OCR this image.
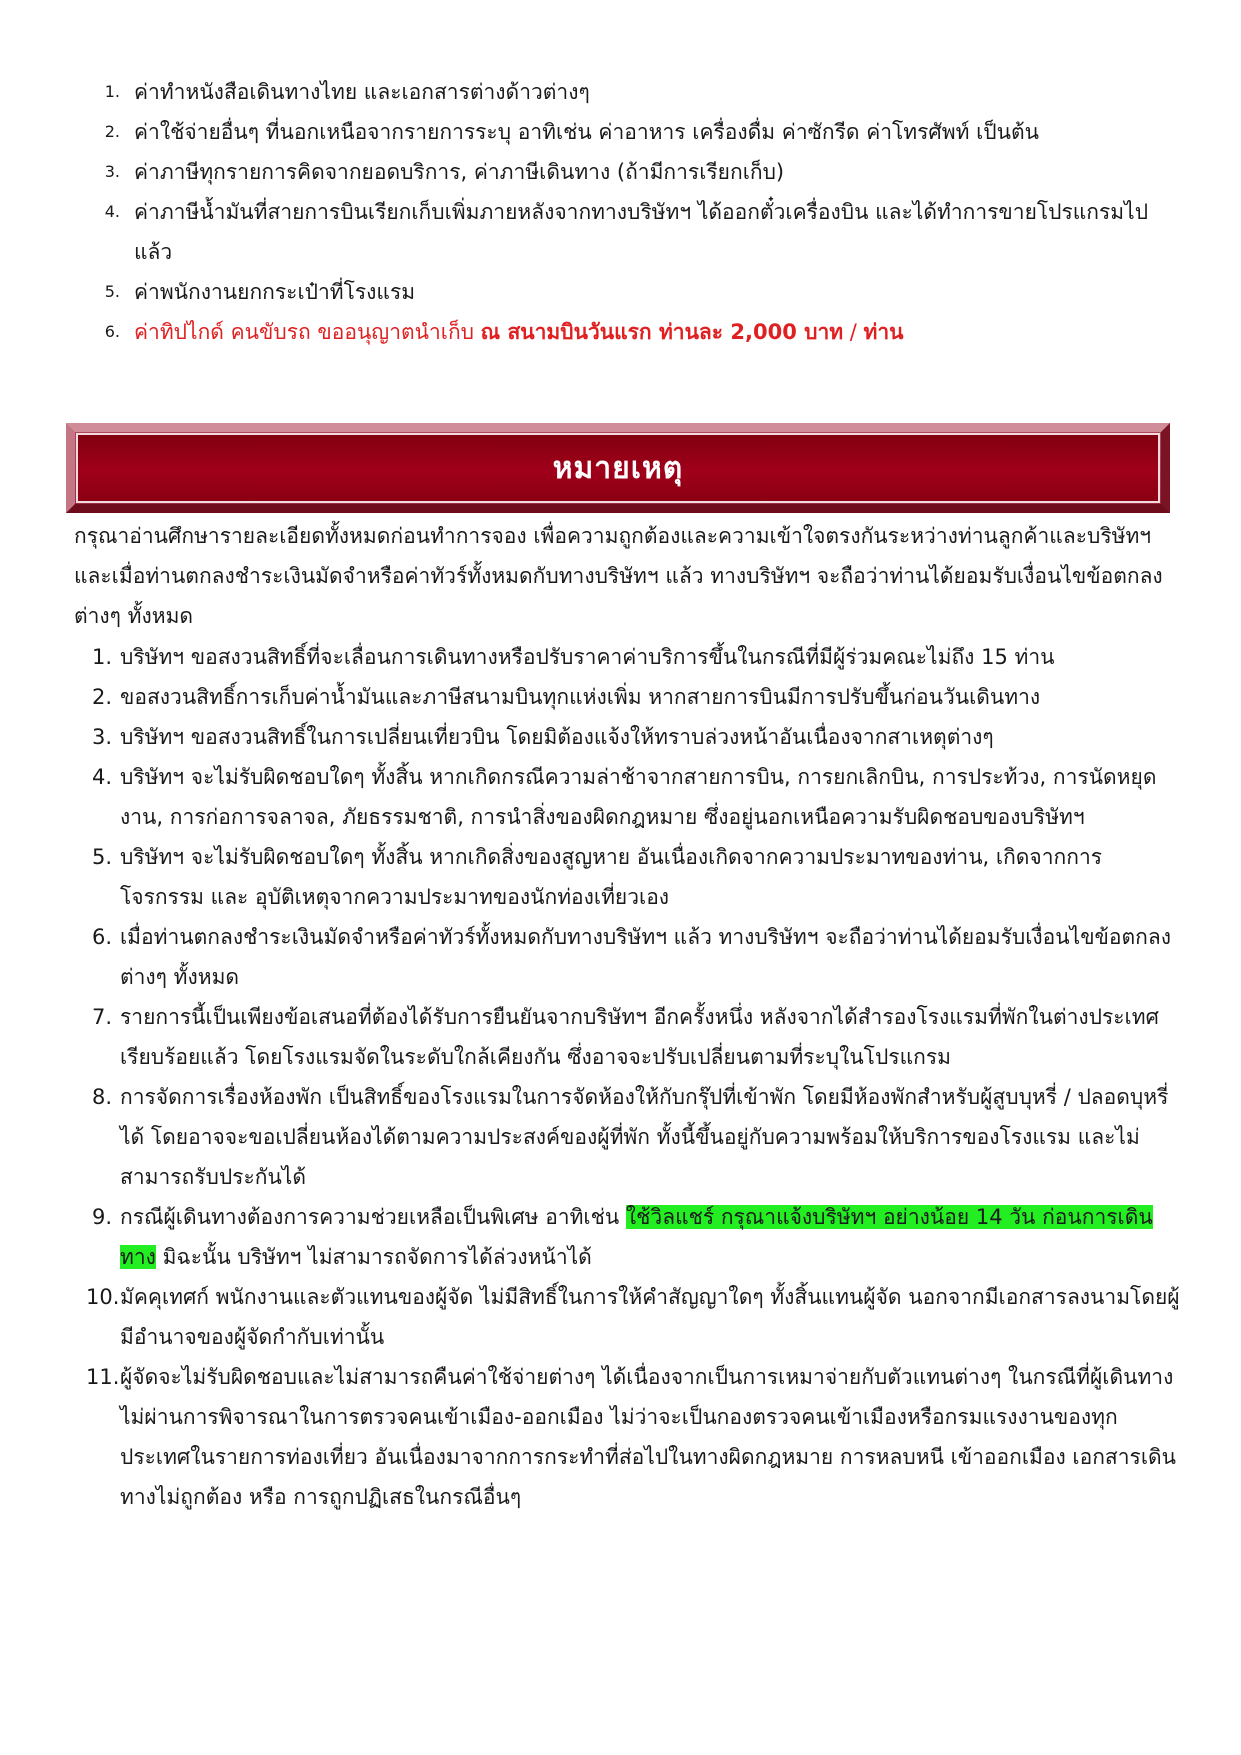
1. ค่าทำหนังสือเดินทางไทย และเอกสารต่างด้าวต่างๆ
2. ค่าใช้จ่ายอื่นๆ ที่นอกเหนือจากรายการระบุ อาทิเช่น ค่าอาหาร เครื่องดื่ม ค่าซักรีด ค่าโทรศัพท์ เป็นต้น
3. ค่าภาษีทุกรายการคิดจากยอดบริการ, ค่าภาษีเดินทาง (ถ้ามีการเรียกเก็บ)
4. ค่าภาษีน้ำมันที่สายการบินเรียกเก็บเพิ่มภายหลังจากทางบริษัทฯ ได้ออกตั๋วเครื่องบิน และได้ทำการขายโปรแกรมไปแล้ว
5. ค่าพนักงานยกกระเป๋าที่โรงแรม
6. ค่าทิปไกด์ คนขับรถ ขออนุญาตนำเก็บ ณ สนามบินวันแรก ท่านละ 2,000 บาท / ท่าน
หมายเหตุ

กรุณาอ่านศึกษารายละเอียดทั้งหมดก่อนทำการจอง เพื่อความถูกต้องและความเข้าใจตรงกันระหว่างท่านลูกค้าและบริษัทฯ และเมื่อท่านตกลงชำระเงินมัดจำหรือค่าทัวร์ทั้งหมดกับทางบริษัทฯ แล้ว ทางบริษัทฯ จะถือว่าท่านได้ยอมรับเงื่อนไขข้อตกลงต่างๆ ทั้งหมด

1. บริษัทฯ ขอสงวนสิทธิ์ที่จะเลื่อนการเดินทางหรือปรับราคาค่าบริการขึ้นในกรณีที่มีผู้ร่วมคณะไม่ถึง 15 ท่าน
2. ขอสงวนสิทธิ์การเก็บค่าน้ำมันและภาษีสนามบินทุกแห่งเพิ่ม หากสายการบินมีการปรับขึ้นก่อนวันเดินทาง
3. บริษัทฯ ขอสงวนสิทธิ์ในการเปลี่ยนเที่ยวบิน โดยมิต้องแจ้งให้ทราบล่วงหน้าอันเนื่องจากสาเหตุต่างๆ
4. บริษัทฯ จะไม่รับผิดชอบใดๆ ทั้งสิ้น หากเกิดกรณีความล่าช้าจากสายการบิน, การยกเลิกบิน, การประท้วง, การนัดหยุดงาน, การก่อการจลาจล, ภัยธรรมชาติ, การนำสิ่งของผิดกฎหมาย ซึ่งอยู่นอกเหนือความรับผิดชอบของบริษัทฯ
5. บริษัทฯ จะไม่รับผิดชอบใดๆ ทั้งสิ้น หากเกิดสิ่งของสูญหาย อันเนื่องเกิดจากความประมาทของท่าน, เกิดจากการโจรกรรม และ อุบัติเหตุจากความประมาทของนักท่องเที่ยวเอง
6. เมื่อท่านตกลงชำระเงินมัดจำหรือค่าทัวร์ทั้งหมดกับทางบริษัทฯ แล้ว ทางบริษัทฯ จะถือว่าท่านได้ยอมรับเงื่อนไขข้อตกลงต่างๆ ทั้งหมด
7. รายการนี้เป็นเพียงข้อเสนอที่ต้องได้รับการยืนยันจากบริษัทฯ อีกครั้งหนึ่ง หลังจากได้สำรองโรงแรมที่พักในต่างประเทศเรียบร้อยแล้ว โดยโรงแรมจัดในระดับใกล้เคียงกัน ซึ่งอาจจะปรับเปลี่ยนตามที่ระบุในโปรแกรม
8. การจัดการเรื่องห้องพัก เป็นสิทธิ์ของโรงแรมในการจัดห้องให้กับกรุ๊ปที่เข้าพัก โดยมีห้องพักสำหรับผู้สูบบุหรี่ / ปลอดบุหรี่ได้ โดยอาจจะขอเปลี่ยนห้องได้ตามความประสงค์ของผู้ที่พัก ทั้งนี้ขึ้นอยู่กับความพร้อมให้บริการของโรงแรม และไม่สามารถรับประกันได้
9. กรณีผู้เดินทางต้องการความช่วยเหลือเป็นพิเศษ อาทิเช่น ใช้วิลแชร์ กรุณาแจ้งบริษัทฯ อย่างน้อย 14 วัน ก่อนการเดินทาง มิฉะนั้น บริษัทฯ ไม่สามารถจัดการได้ล่วงหน้าได้
10. มัคคุเทศก์ พนักงานและตัวแทนของผู้จัด ไม่มีสิทธิ์ในการให้คำสัญญาใดๆ ทั้งสิ้นแทนผู้จัด นอกจากมีเอกสารลงนามโดยผู้มีอำนาจของผู้จัดกำกับเท่านั้น
11. ผู้จัดจะไม่รับผิดชอบและไม่สามารถคืนค่าใช้จ่ายต่างๆ ได้เนื่องจากเป็นการเหมาจ่ายกับตัวแทนต่างๆ ในกรณีที่ผู้เดินทางไม่ผ่านการพิจารณาในการตรวจคนเข้าเมือง-ออกเมือง ไม่ว่าจะเป็นกองตรวจคนเข้าเมืองหรือกรมแรงงานของทุกประเทศในรายการท่องเที่ยว อันเนื่องมาจากการกระทำที่ส่อไปในทางผิดกฎหมาย การหลบหนี เข้าออกเมือง เอกสารเดินทางไม่ถูกต้อง หรือ การถูกปฏิเสธในกรณีอื่นๆ
